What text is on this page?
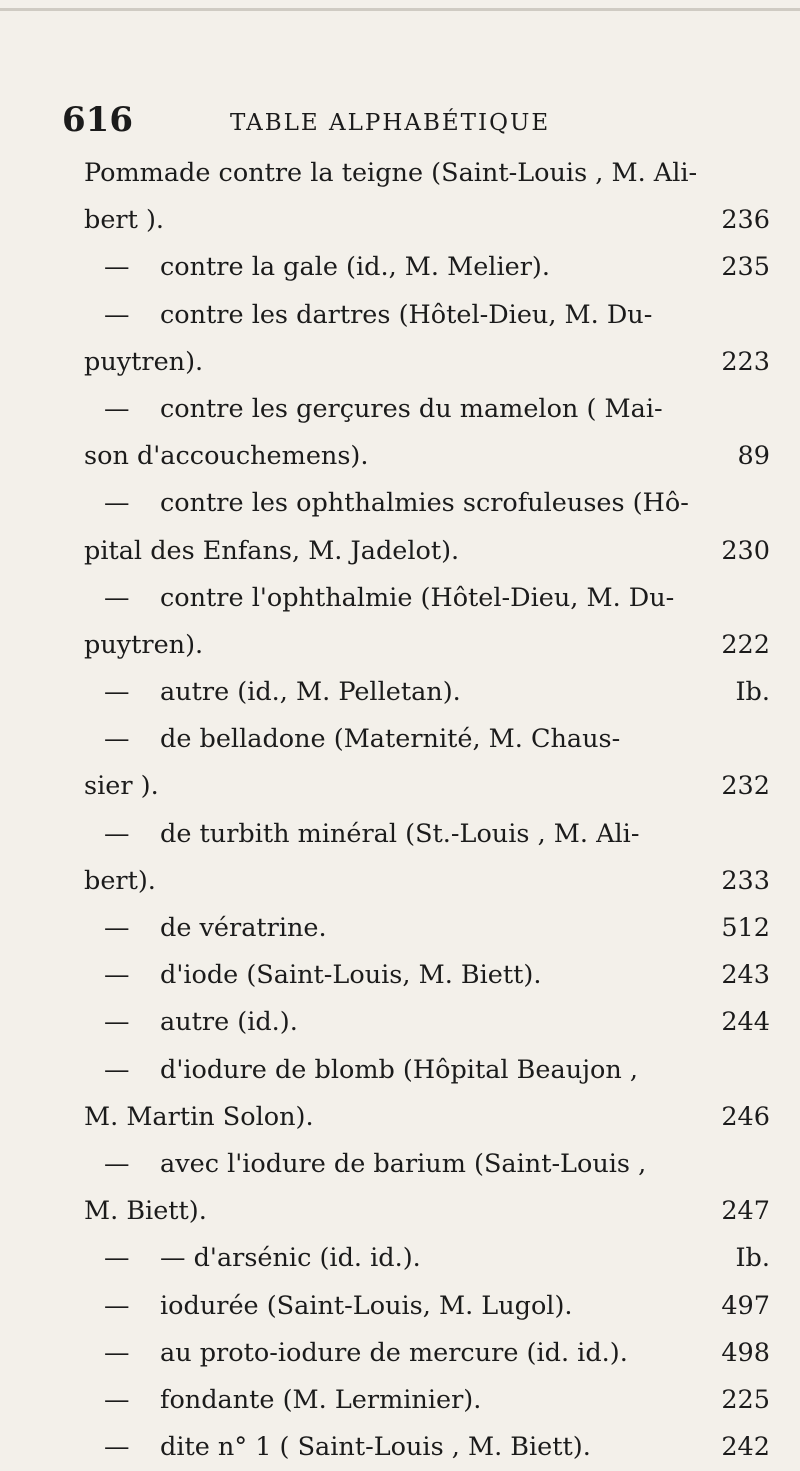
616	TABLE ALPHABÉTIQUE
Pommade contre la teigne (Saint-Louis , M. Ali-
bert ).	236
— contre la gale (id., M. Melier).	235
— contre les dartres (Hôtel-Dieu, M. Du-
puytren).	223
— contre les gerçures du mamelon ( Mai-
son d'accouchemens).	89
— contre les ophthalmies scrofuleuses (Hô-
pital des Enfans, M. Jadelot).	230
— contre l'ophthalmie (Hôtel-Dieu, M. Du-
puytren).	222
— autre (id., M. Pelletan).	Ib.
— de belladone (Maternité, M. Chaus-
sier ).	232
— de turbith minéral (St.-Louis , M. Ali-
bert).	233
— de vératrine.	512
— d'iode (Saint-Louis, M. Biett).	243
— autre (id.).	244
— d'iodure de blomb (Hôpital Beaujon ,
M. Martin Solon).	246
— avec l'iodure de barium (Saint-Louis ,
M. Biett).	247
— — d'arsénic (id. id.).	Ib.
— iodurée (Saint-Louis, M. Lugol).	497
— au proto-iodure de mercure (id. id.).	498
— fondante (M. Lerminier).	225
— dite n° 1 ( Saint-Louis , M. Biett).	242
